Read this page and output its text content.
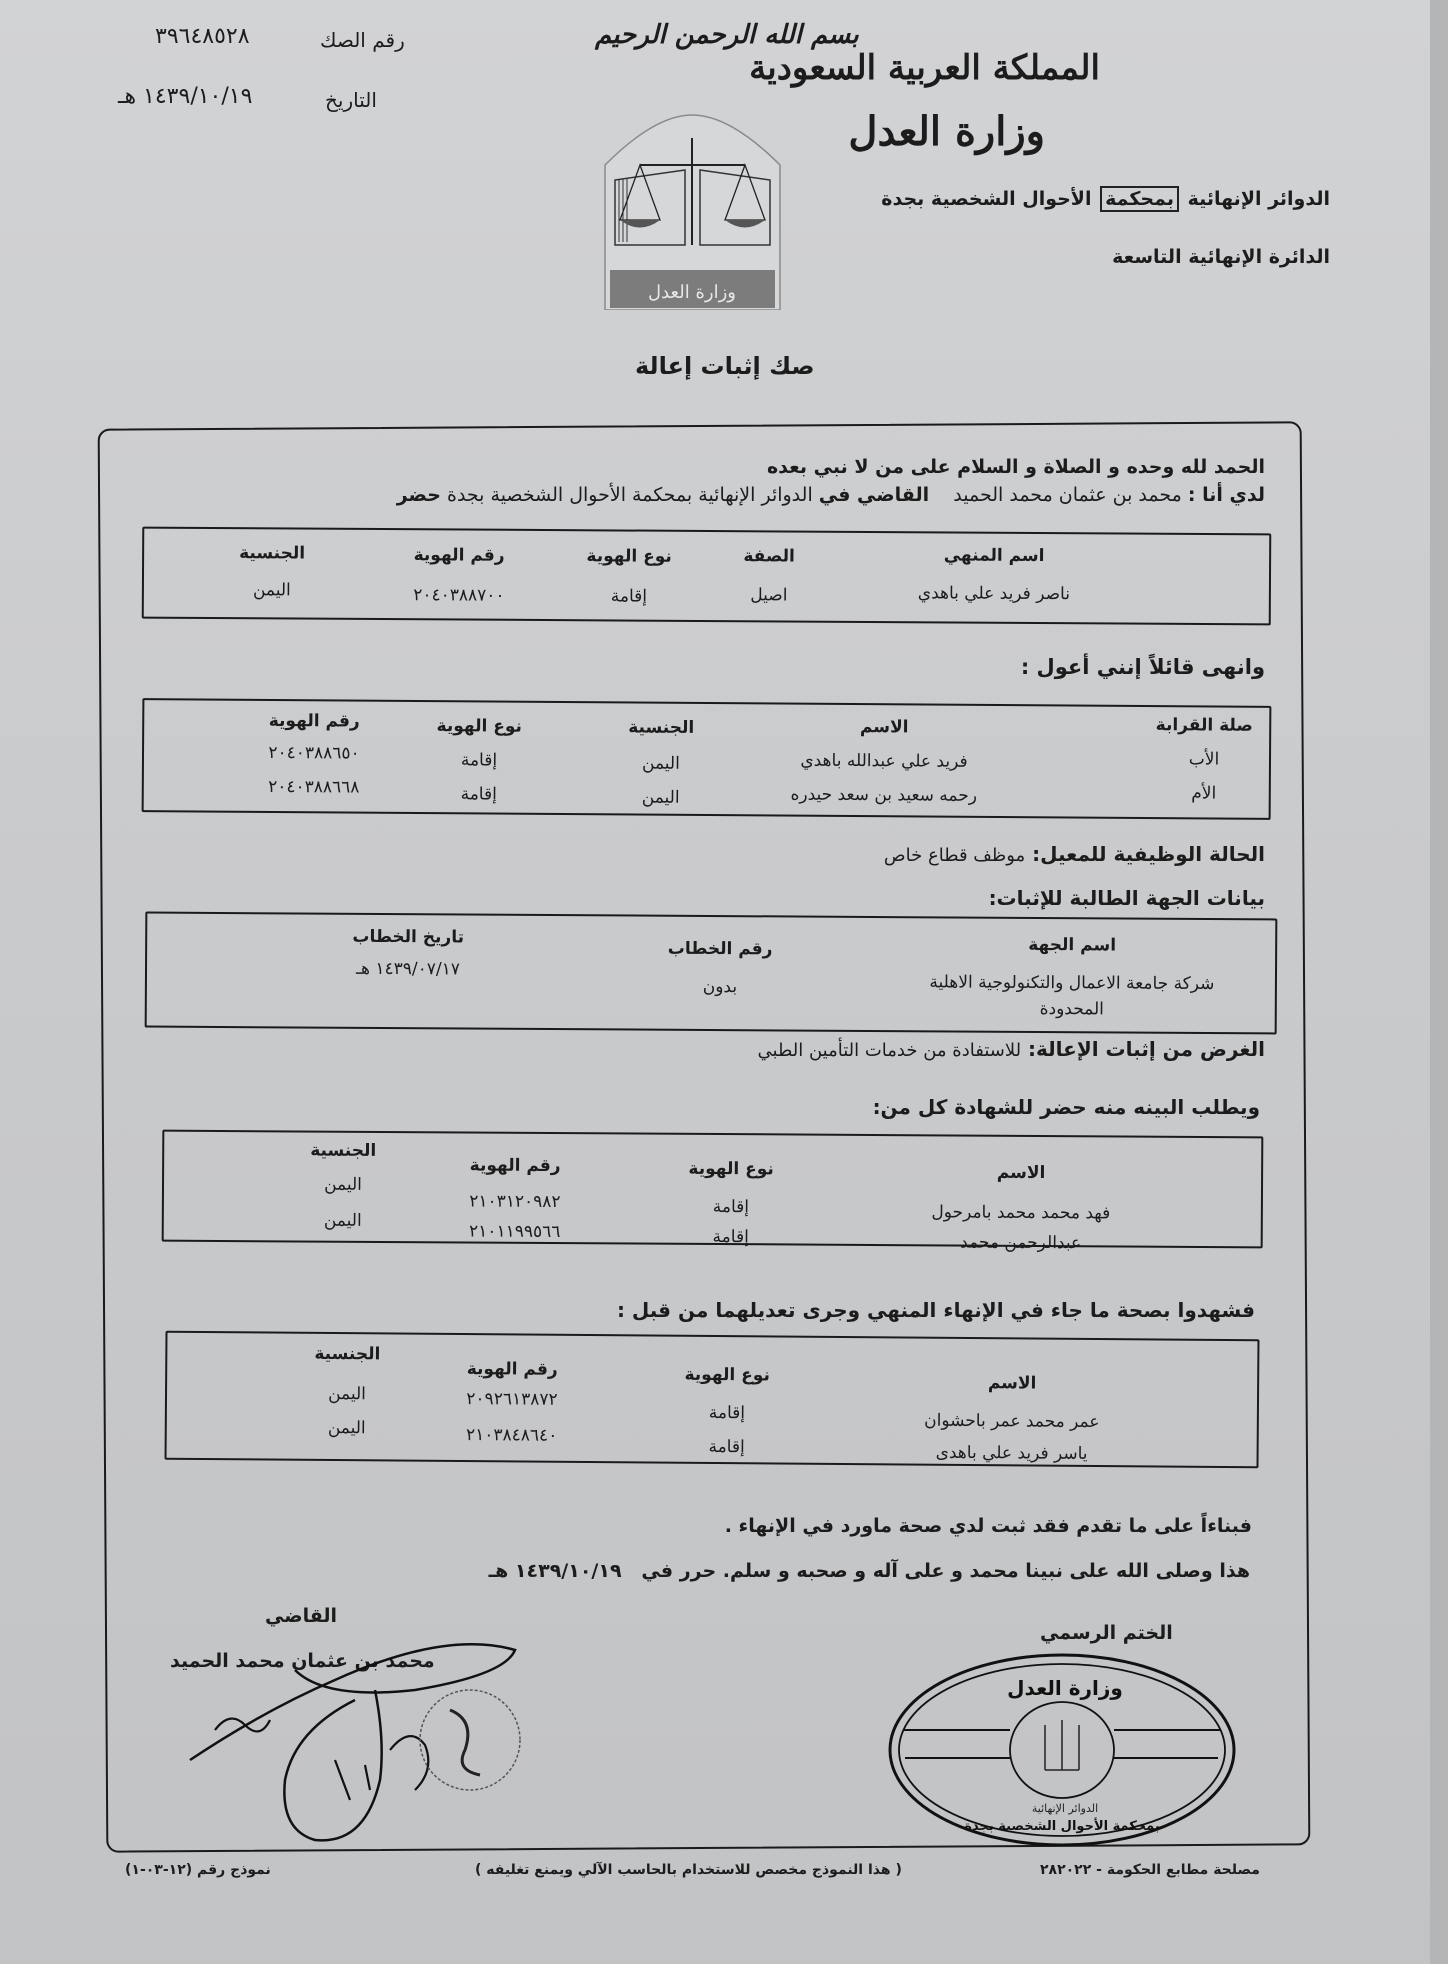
المملكة العربية السعودية
وزارة العدل
الدوائر الإنهائية بمحكمة الأحوال الشخصية بجدة
الدائرة الإنهائية التاسعة
بسم الله الرحمن الرحيم
رقم الصك
٣٩٦٤٨٥٢٨
التاريخ
١٤٣٩/١٠/١٩ هـ
وزارة العدل
صك إثبات إعالة
الحمد لله وحده و الصلاة و السلام على من لا نبي بعده
لدي أنا : محمد بن عثمان محمد الحميد    القاضي في الدوائر الإنهائية بمحكمة الأحوال الشخصية بجدة حضر
اسم المنهي
الصفة
نوع الهوية
رقم الهوية
الجنسية
ناصر فريد علي باهدي
اصيل
إقامة
٢٠٤٠٣٨٨٧٠٠
اليمن
وانهى قائلاً إنني أعول :
صلة القرابة
الاسم
الجنسية
نوع الهوية
رقم الهوية
الأب
فريد علي عبدالله باهدي
اليمن
إقامة
٢٠٤٠٣٨٨٦٥٠
الأم
رحمه سعيد بن سعد حيدره
اليمن
إقامة
٢٠٤٠٣٨٨٦٦٨
الحالة الوظيفية للمعيل: موظف قطاع خاص
بيانات الجهة الطالبة للإثبات:
اسم الجهة
رقم الخطاب
تاريخ الخطاب
شركة جامعة الاعمال والتكنولوجية الاهلية
المحدودة
بدون
١٤٣٩/٠٧/١٧ هـ
الغرض من إثبات الإعالة: للاستفادة من خدمات التأمين الطبي
ويطلب البينه منه حضر للشهادة كل من:
الاسم
نوع الهوية
رقم الهوية
الجنسية
فهد محمد محمد بامرحول
إقامة
٢١٠٣١٢٠٩٨٢
اليمن
عبدالرحمن محمد
إقامة
٢١٠١١٩٩٥٦٦
اليمن
فشهدوا بصحة ما جاء في الإنهاء المنهي وجرى تعديلهما من قبل :
الاسم
نوع الهوية
رقم الهوية
الجنسية
عمر محمد عمر باحشوان
إقامة
٢٠٩٢٦١٣٨٧٢
اليمن
ياسر فريد علي باهدى
إقامة
٢١٠٣٨٤٨٦٤٠
اليمن
فبناءاً على ما تقدم فقد ثبت لدي صحة ماورد في الإنهاء .
هذا وصلى الله على نبينا محمد و على آله و صحبه و سلم. حرر في   ١٤٣٩/١٠/١٩ هـ
القاضي
محمد بن عثمان محمد الحميد
الختم الرسمي
وزارة العدل
الدوائر الإنهائية
بمحكمة الأحوال الشخصية بجدة
مصلحة مطابع الحكومة - ٢٨٢٠٢٢
( هذا النموذج مخصص للاستخدام بالحاسب الآلي ويمنع تغليفه )
نموذج رقم (١٢-٠٣-١)
